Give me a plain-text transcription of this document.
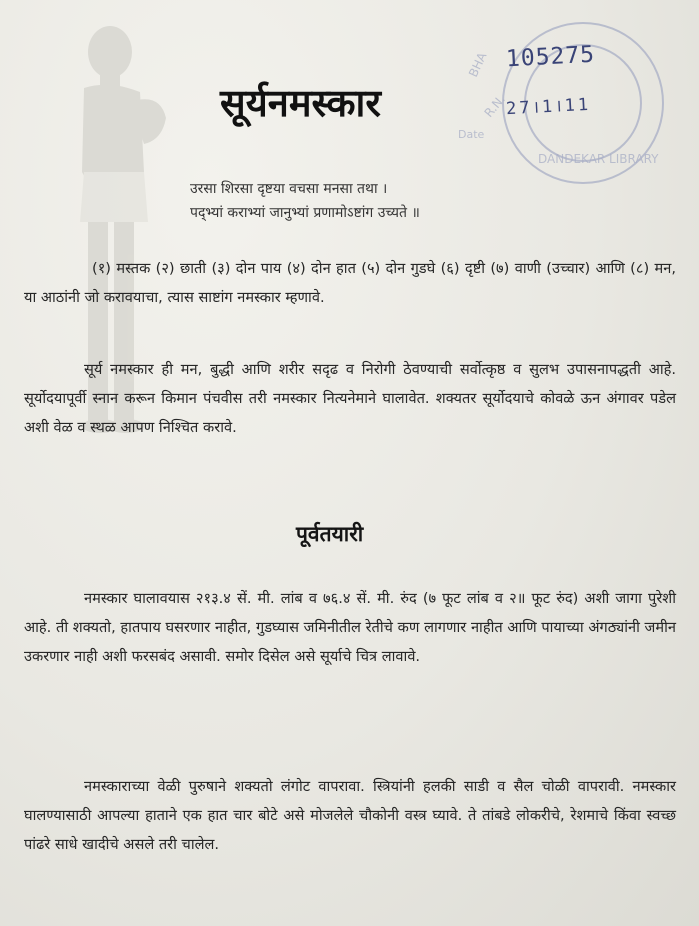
BHA
R.N.
Date
DANDEKAR LIBRARY
105275
27।1।11
सूर्यनमस्कार
उरसा शिरसा दृष्टया वचसा मनसा तथा ।
पद्भ्यां कराभ्यां जानुभ्यां प्रणामोऽष्टांग उच्यते ॥

(१) मस्तक (२) छाती (३) दोन पाय (४) दोन हात (५) दोन गुडघे (६) दृष्टी (७) वाणी (उच्चार) आणि (८) मन, या आठांनी जो करावयाचा, त्यास साष्टांग नमस्कार म्हणावे.

सूर्य नमस्कार ही मन, बुद्धी आणि शरीर सदृढ व निरोगी ठेवण्याची सर्वोत्कृष्ठ व सुलभ उपासनापद्धती आहे. सूर्योदयापूर्वी स्नान करून किमान पंचवीस तरी नमस्कार नित्यनेमाने घालावेत. शक्यतर सूर्योदयाचे कोवळे ऊन अंगावर पडेल अशी वेळ व स्थळ आपण निश्चित करावे.

पूर्वतयारी

नमस्कार घालावयास २१३.४ सें. मी. लांब व ७६.४ सें. मी. रुंद (७ फूट लांब व २॥ फूट रुंद) अशी जागा पुरेशी आहे. ती शक्यतो, हातपाय घसरणार नाहीत, गुडघ्यास जमिनीतील रेतीचे कण लागणार नाहीत आणि पायाच्या अंगठ्यांनी जमीन उकरणार नाही अशी फरसबंद असावी. समोर दिसेल असे सूर्याचे चित्र लावावे.

नमस्काराच्या वेळी पुरुषाने शक्यतो लंगोट वापरावा. स्त्रियांनी हलकी साडी व सैल चोळी वापरावी. नमस्कार घालण्यासाठी आपल्या हाताने एक हात चार बोटे असे मोजलेले चौकोनी वस्त्र घ्यावे. ते तांबडे लोकरीचे, रेशमाचे किंवा स्वच्छ पांढरे साधे खादीचे असले तरी चालेल.
